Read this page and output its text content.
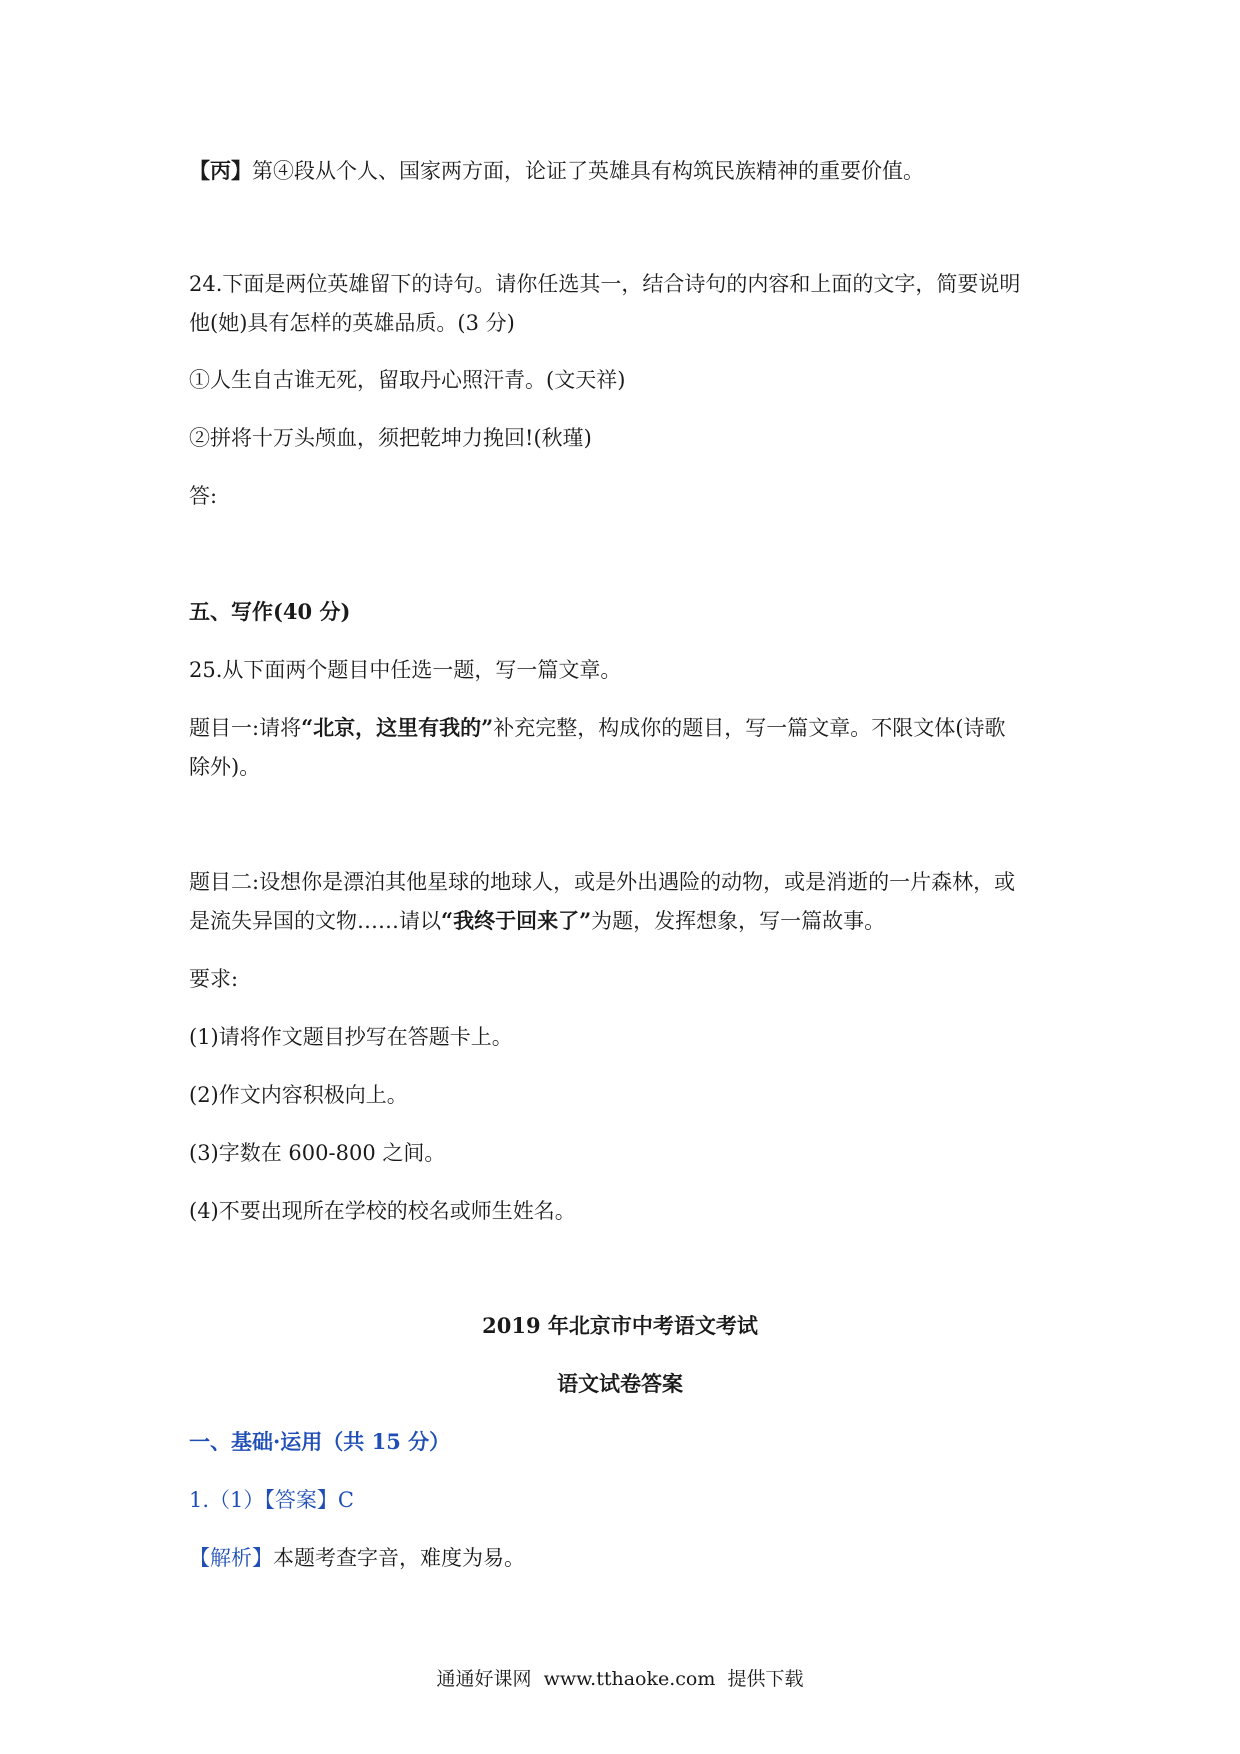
【丙】第④段从个人、国家两方面，论证了英雄具有构筑民族精神的重要价值。
24.下面是两位英雄留下的诗句。请你任选其一，结合诗句的内容和上面的文字，简要说明
他(她)具有怎样的英雄品质。(3 分)
①人生自古谁无死，留取丹心照汗青。(文天祥)
②拼将十万头颅血，须把乾坤力挽回!(秋瑾)
答:
五、写作(40 分)
25.从下面两个题目中任选一题，写一篇文章。
题目一:请将“北京，这里有我的”补充完整，构成你的题目，写一篇文章。不限文体(诗歌
除外)。
题目二:设想你是漂泊其他星球的地球人，或是外出遇险的动物，或是消逝的一片森林，或
是流失异国的文物……请以“我终于回来了”为题，发挥想象，写一篇故事。
要求:
(1)请将作文题目抄写在答题卡上。
(2)作文内容积极向上。
(3)字数在 600-800 之间。
(4)不要出现所在学校的校名或师生姓名。
2019 年北京市中考语文考试
语文试卷答案
一、基础·运用（共 15 分）
1.（1）【答案】C
【解析】本题考查字音，难度为易。
通通好课网  www.tthaoke.com  提供下载
